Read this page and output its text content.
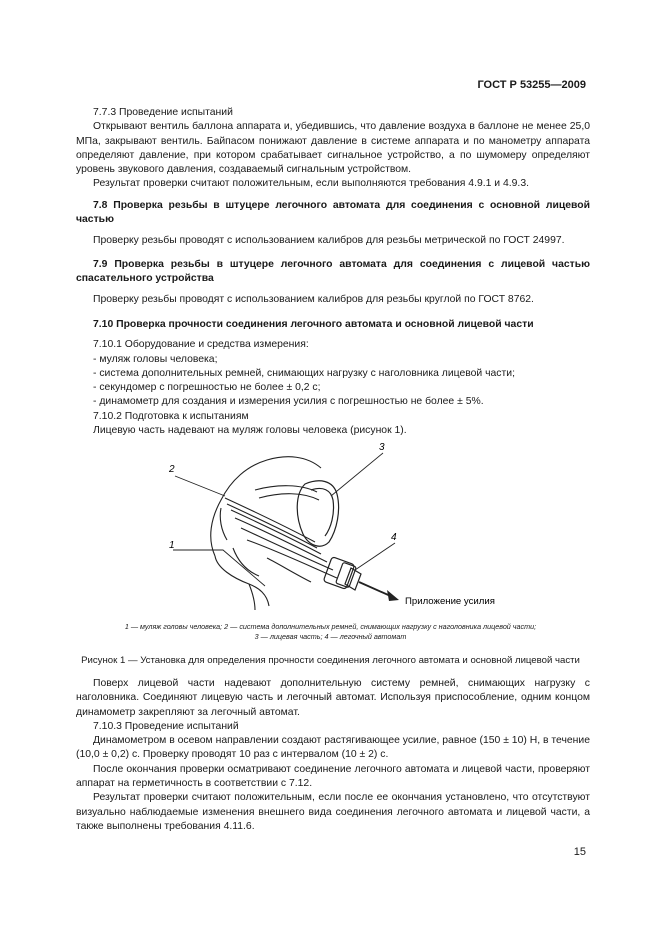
ГОСТ Р 53255—2009

7.7.3 Проведение испытаний

Открывают вентиль баллона аппарата и, убедившись, что давление воздуха в баллоне не менее 25,0 МПа, закрывают вентиль. Байпасом понижают давление в системе аппарата и по манометру аппарата определяют давление, при котором срабатывает сигнальное устройство, а по шумомеру определяют уровень звукового давления, создаваемый сигнальным устройством.

Результат проверки считают положительным, если выполняются требования 4.9.1 и 4.9.3.

7.8 Проверка резьбы в штуцере легочного автомата для соединения с основной лицевой частью

Проверку резьбы проводят с использованием калибров для резьбы метрической по ГОСТ 24997.

7.9 Проверка резьбы в штуцере легочного автомата для соединения с лицевой частью спасательного устройства

Проверку резьбы проводят с использованием калибров для резьбы круглой по ГОСТ 8762.

7.10 Проверка прочности соединения легочного автомата и основной лицевой части

7.10.1 Оборудование и средства измерения:

- муляж головы человека;

- система дополнительных ремней, снимающих нагрузку с наголовника лицевой части;

- секундомер с погрешностью не более ± 0,2 с;

- динамометр для создания и измерения усилия с погрешностью не более ± 5%.

7.10.2 Подготовка к испытаниям

Лицевую часть надевают на муляж головы человека (рисунок 1).

2
1
3
4
Приложение усилия
1 — муляж головы человека; 2 — система дополнительных ремней, снимающих нагрузку с наголовника лицевой части;
3 — лицевая часть; 4 — легочный автомат
Рисунок 1 — Установка для определения прочности соединения легочного автомата и основной лицевой части

Поверх лицевой части надевают дополнительную систему ремней, снимающих нагрузку с наголовника. Соединяют лицевую часть и легочный автомат. Используя приспособление, одним концом динамометр закрепляют за легочный автомат.

7.10.3 Проведение испытаний

Динамометром в осевом направлении создают растягивающее усилие, равное (150 ± 10) Н, в течение (10,0 ± 0,2) с. Проверку проводят 10 раз с интервалом (10 ± 2) с.

После окончания проверки осматривают соединение легочного автомата и лицевой части, проверяют аппарат на герметичность в соответствии с 7.12.

Результат проверки считают положительным, если после ее окончания установлено, что отсутствуют визуально наблюдаемые изменения внешнего вида соединения легочного автомата и лицевой части, а также выполнены требования 4.11.6.

15
